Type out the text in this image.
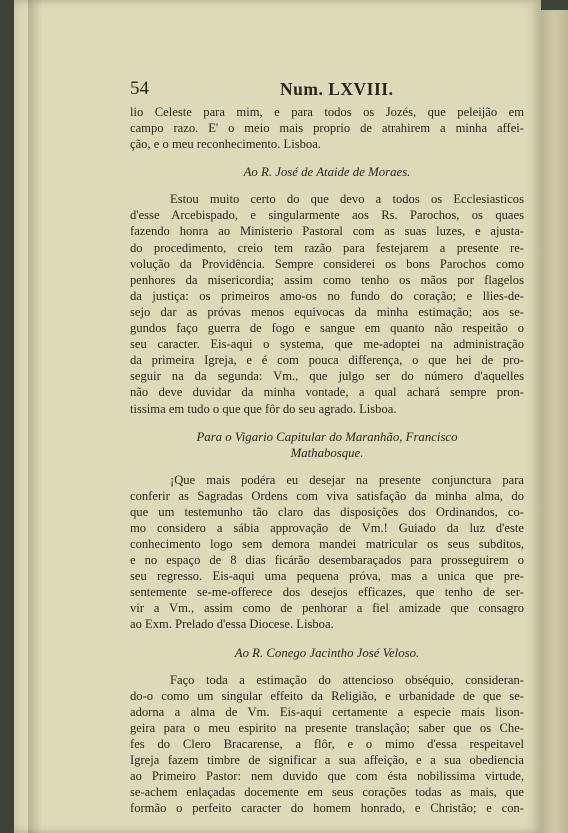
54	Num. LXVIII.
lio Celeste para mim, e para todos os Jozés, que peleijão em
campo razo. E' o meio mais proprio de atrahirem a minha affei-
ção, e o meu reconhecimento. Lisboa.
Ao R. José de Ataide de Moraes.
Estou muito certo do que devo a todos os Ecclesiasticos
d'esse Arcebispado, e singularmente aos Rs. Parochos, os quaes
fazendo honra ao Ministerio Pastoral com as suas luzes, e ajusta-
do procedimento, creio tem razão para festejarem a presente re-
volução da Providência. Sempre considerei os bons Parochos como
penhores da misericordia; assim como tenho os mãos por flagelos
da justiça: os primeiros amo-os no fundo do coração; e llies-de-
sejo dar as próvas menos equivocas da minha estimação; aos se-
gundos faço guerra de fogo e sangue em quanto não respeitão o
seu caracter. Eis-aqui o systema, que me-adoptei na administração
da primeira Igreja, e é com pouca differença, o que hei de pro-
seguir na da segunda: Vm., que julgo ser do número d'aquelles
não deve duvidar da minha vontade, a qual achará sempre pron-
tissima em tudo o que que fôr do seu agrado. Lisboa.
Para o Vigario Capitular do Maranhão, Francisco
Mathabosque.
¡Que mais podéra eu desejar na presente conjunctura para
conferir as Sagradas Ordens com viva satisfação da minha alma, do
que um testemunho tão claro das disposições dos Ordinandos, co-
mo considero a sábia approvação de Vm.! Guiado da luz d'este
conhecimento logo sem demora mandei matricular os seus subditos,
e no espaço de 8 dias ficárão desembaraçados para prosseguirem o
seu regresso. Eis-aqui uma pequena próva, mas a unica que pre-
sentemente se-me-offerece dos desejos efficazes, que tenho de ser-
vir a Vm., assim como de penhorar a fiel amizade que consagro
ao Exm. Prelado d'essa Diocese. Lisboa.
Ao R. Conego Jacintho José Veloso.
Faço toda a estimação do attencioso obséquio, consideran-
do-o como um singular effeito da Religião, e urbanidade de que se-
adorna a alma de Vm. Eis-aqui certamente a especie mais lison-
geira para o meu espirito na presente translação; saber que os Che-
fes do Clero Bracarense, a flôr, e o mimo d'essa respeitavel
Igreja fazem timbre de significar a sua affeição, e a sua obediencia
ao Primeiro Pastor: nem duvido que com ésta nobilissima virtude,
se-achem enlaçadas docemente em seus corações todas as mais, que
formão o perfeito caracter do homem honrado, e Christão; e con-
